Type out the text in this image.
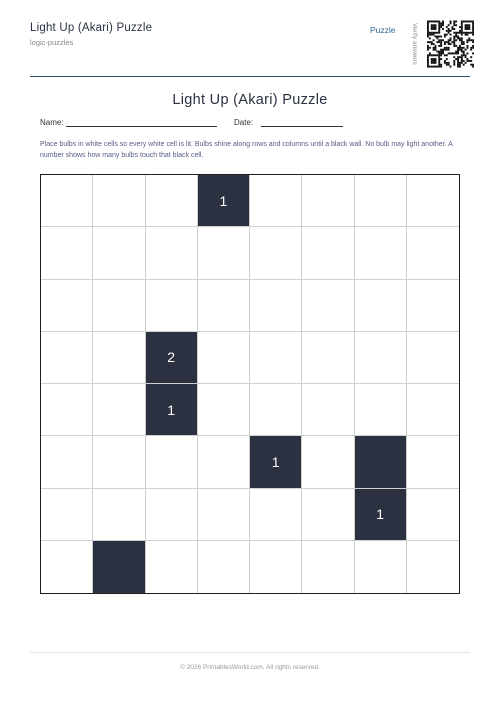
Light Up (Akari) Puzzle
logic-puzzles
Puzzle	Verify answers
Light Up (Akari) Puzzle
Name:	Date:
Place bulbs in white cells so every white cell is lit. Bulbs shine along rows and columns until a black wall. No bulb may light another. A number shows how many bulbs touch that black cell.
1
2
1
1
1
© 2026 PrintablesWorld.com. All rights reserved.
